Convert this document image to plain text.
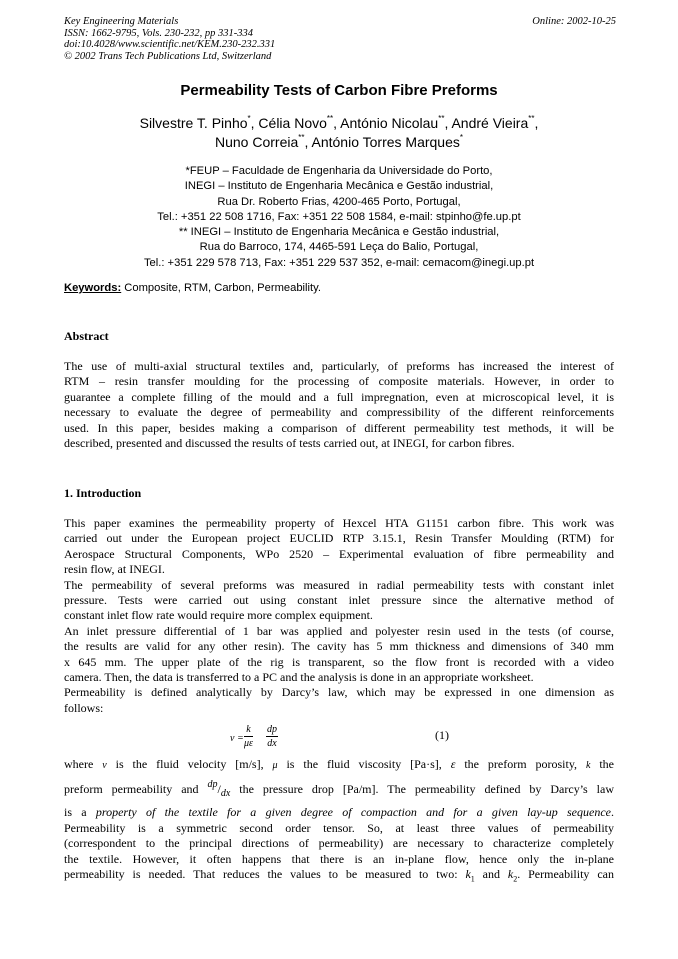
Key Engineering Materials
ISSN: 1662-9795, Vols. 230-232, pp 331-334
doi:10.4028/www.scientific.net/KEM.230-232.331
© 2002 Trans Tech Publications Ltd, Switzerland
Online: 2002-10-25
Permeability Tests of Carbon Fibre Preforms
Silvestre T. Pinho*, Célia Novo**, António Nicolau**, André Vieira**,
Nuno Correia**, António Torres Marques*
*FEUP – Faculdade de Engenharia da Universidade do Porto,
INEGI – Instituto de Engenharia Mecânica e Gestão industrial,
Rua Dr. Roberto Frias, 4200-465 Porto, Portugal,
Tel.: +351 22 508 1716, Fax: +351 22 508 1584, e-mail: stpinho@fe.up.pt
** INEGI – Instituto de Engenharia Mecânica e Gestão industrial,
Rua do Barroco, 174, 4465-591 Leça do Balio, Portugal,
Tel.: +351 229 578 713, Fax: +351 229 537 352, e-mail: cemacom@inegi.up.pt
Keywords: Composite, RTM, Carbon, Permeability.
Abstract
The use of multi-axial structural textiles and, particularly, of preforms has increased the interest of
RTM – resin transfer moulding for the processing of composite materials. However, in order to
guarantee a complete filling of the mould and a full impregnation, even at microscopical level, it is
necessary to evaluate the degree of permeability and compressibility of the different reinforcements
used. In this paper, besides making a comparison of different permeability test methods, it will be
described, presented and discussed the results of tests carried out, at INEGI, for carbon fibres.
1. Introduction
This paper examines the permeability property of Hexcel HTA G1151 carbon fibre. This work was
carried out under the European project EUCLID RTP 3.15.1, Resin Transfer Moulding (RTM) for
Aerospace Structural Components, WPo 2520 – Experimental evaluation of fibre permeability and
resin flow, at INEGI.
The permeability of several preforms was measured in radial permeability tests with constant inlet
pressure. Tests were carried out using constant inlet pressure since the alternative method of
constant inlet flow rate would require more complex equipment.
An inlet pressure differential of 1 bar was applied and polyester resin used in the tests (of course,
the results are valid for any other resin). The cavity has 5 mm thickness and dimensions of 340 mm
x 645 mm. The upper plate of the rig is transparent, so the flow front is recorded with a video
camera. Then, the data is transferred to a PC and the analysis is done in an appropriate worksheet.
Permeability is defined analytically by Darcy’s law, which may be expressed in one dimension as
follows:
$v = \frac{k}{\mu\varepsilon} \frac{dp}{dx}$	(1)
where v is the fluid velocity [m/s], μ is the fluid viscosity [Pa·s], ε the preform porosity, k the
preform permeability and $^{dp}/_{dx}$ the pressure drop [Pa/m]. The permeability defined by Darcy’s law
is a property of the textile for a given degree of compaction and for a given lay-up sequence.
Permeability is a symmetric second order tensor. So, at least three values of permeability
(correspondent to the principal directions of permeability) are necessary to characterize completely
the textile. However, it often happens that there is an in-plane flow, hence only the in-plane
permeability is needed. That reduces the values to be measured to two: $k_1$ and $k_2$. Permeability can
